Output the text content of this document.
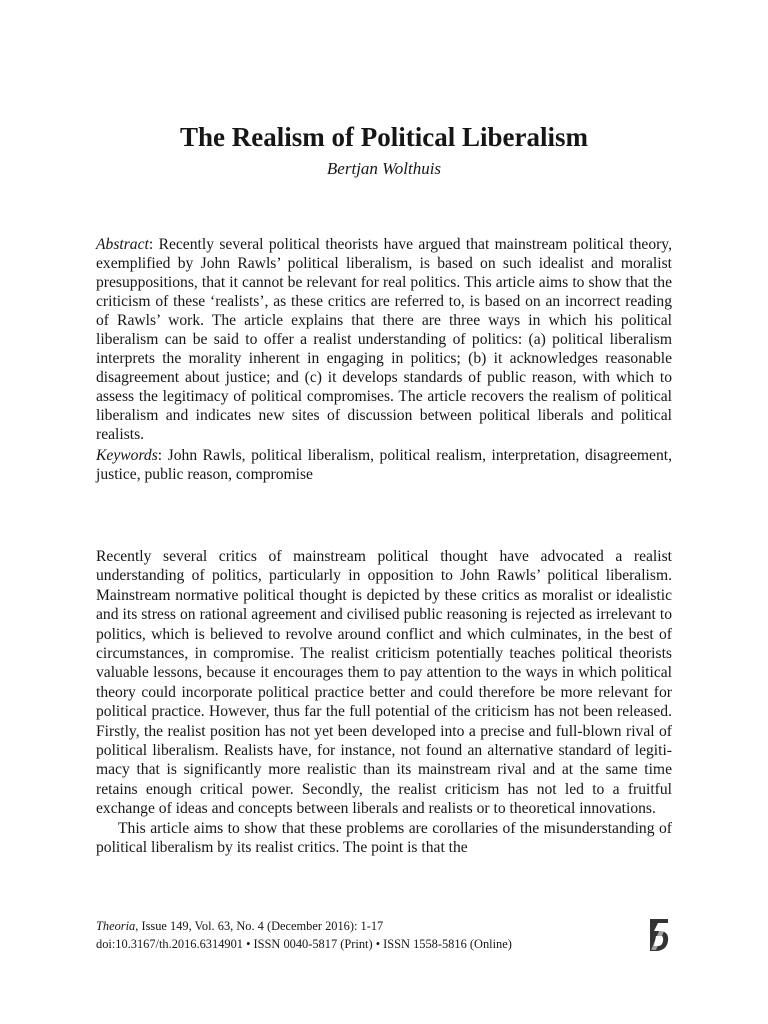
The Realism of Political Liberalism

Bertjan Wolthuis

Abstract: Recently several political theorists have argued that mainstream political theory, exemplified by John Rawls’ political liberalism, is based on such idealist and moralist presuppositions, that it cannot be relevant for real politics. This article aims to show that the criticism of these ‘realists’, as these critics are referred to, is based on an incorrect reading of Rawls’ work. The article explains that there are three ways in which his political liberalism can be said to offer a realist understanding of politics: (a) political liberalism interprets the morality inherent in engaging in politics; (b) it acknowledges reasonable disagreement about justice; and (c) it develops standards of public reason, with which to assess the legitimacy of political compromises. The article recovers the realism of political liberalism and indicates new sites of discussion between political liberals and political realists.

Keywords: John Rawls, political liberalism, political realism, interpretation, disagreement, justice, public reason, compromise

Recently several critics of mainstream political thought have advocated a realist understanding of politics, particularly in opposition to John Rawls’ political liberalism. Mainstream normative political thought is depicted by these critics as moralist or idealistic and its stress on rational agreement and civilised public reasoning is rejected as irrelevant to politics, which is believed to revolve around conflict and which culminates, in the best of circumstances, in compromise. The realist criticism potentially teaches political theorists valuable lessons, because it encourages them to pay attention to the ways in which political theory could incorporate political practice better and could therefore be more relevant for political practice. However, thus far the full potential of the criticism has not been released. Firstly, the realist position has not yet been developed into a precise and full-blown rival of political liberalism. Realists have, for instance, not found an alternative standard of legitimacy that is significantly more realistic than its mainstream rival and at the same time retains enough critical power. Secondly, the realist criticism has not led to a fruitful exchange of ideas and concepts between liberals and realists or to theoretical innovations.

This article aims to show that these problems are corollaries of the misunderstanding of political liberalism by its realist critics. The point is that the

Theoria, Issue 149, Vol. 63, No. 4 (December 2016): 1-17
doi:10.3167/th.2016.6314901 • ISSN 0040-5817 (Print) • ISSN 1558-5816 (Online)
